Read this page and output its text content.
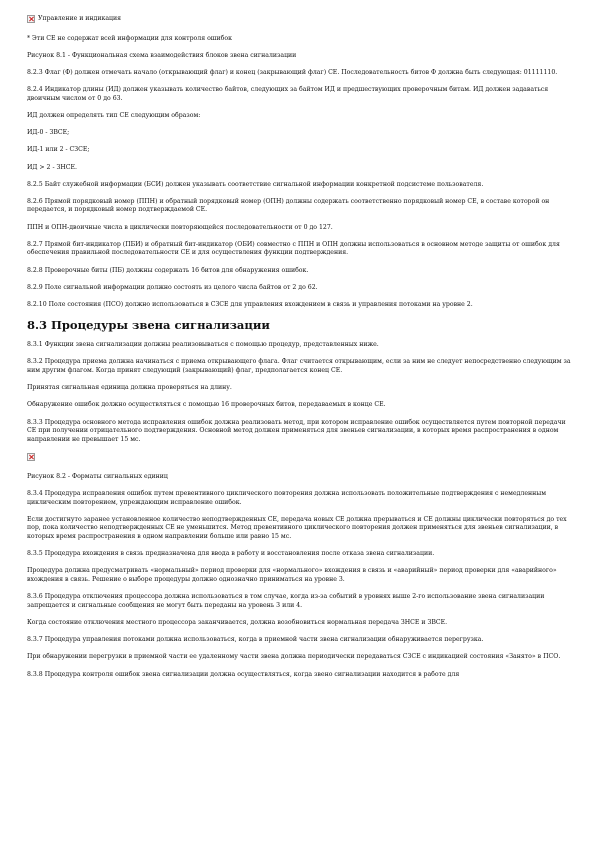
Управление и индикация

* Эти СЕ не содержат всей информации для контроля ошибок

Рисунок 8.1 - Функциональная схема взаимодействия блоков звена сигнализации

8.2.3 Флаг (Ф) должен отмечать начало (открывающий флаг) и конец (закрывающий флаг) СЕ. Последовательность битов Ф должна быть следующая: 01111110.

8.2.4 Индикатор длины (ИД) должен указывать количество байтов, следующих за байтом ИД и предшествующих проверочным битам. ИД должен задаваться двоичным числом от 0 до 63.

ИД должен определять тип СЕ следующим образом:

ИД-0 - ЗВСЕ;

ИД-1 или 2 - СЗСЕ;

ИД > 2 - ЗНСЕ.

8.2.5 Байт служебной информации (БСИ) должен указывать соответствие сигнальной информации конкретной подсистеме пользователя.

8.2.6 Прямой порядковый номер (ППН) и обратный порядковый номер (ОПН) должны содержать соответственно порядковый номер СЕ, в составе которой он передается, и порядковый номер подтверждаемой СЕ.

ППН и ОПН-двоичные числа в циклически повторяющейся последовательности от 0 до 127.

8.2.7 Прямой бит-индикатор (ПБИ) и обратный бит-индикатор (ОБИ) совместно с ППН и ОПН должны использоваться в основном методе защиты от ошибок для обеспечения правильной последовательности СЕ и для осуществления функции подтверждения.

8.2.8 Проверочные биты (ПБ) должны содержать 16 битов для обнаружения ошибок.

8.2.9 Поле сигнальной информации должно состоять из целого числа байтов от 2 до 62.

8.2.10 Поле состояния (ПСО) должно использоваться в СЗСЕ для управления вхождением в связь и управления потоками на уровне 2.

8.3 Процедуры звена сигнализации

8.3.1 Функции звена сигнализации должны реализовываться с помощью процедур, представленных ниже.

8.3.2 Процедура приема должна начинаться с приема открывающего флага. Флаг считается открывающим, если за ним не следует непосредственно следующим за ним другим флагом. Когда принят следующий (закрывающий) флаг, предполагается конец СЕ.

Принятая сигнальная единица должна проверяться на длину.

Обнаружение ошибок должно осуществляться с помощью 16 проверочных битов, передаваемых в конце СЕ.

8.3.3 Процедура основного метода исправления ошибок должна реализовать метод, при котором исправление ошибок осуществляется путем повторной передачи СЕ при получении отрицательного подтверждения. Основной метод должен применяться для звеньев сигнализации, в которых время распространения в одном направлении не превышает 15 мс.

Рисунок 8.2 - Форматы сигнальных единиц

8.3.4 Процедура исправления ошибок путем превентивного циклического повторения должна использовать положительные подтверждения с немедленным циклическим повторением, упреждающим исправление ошибок.

Если достигнуто заранее установленное количество неподтвержденных СЕ, передача новых СЕ должна прерываться и СЕ должны циклически повторяться до тех пор, пока количество неподтвержденных СЕ не уменьшится. Метод превентивного циклического повторения должен применяться для звеньев сигнализации, в которых время распространения в одном направлении больше или равно 15 мс.

8.3.5 Процедура вхождения в связь предназначена для ввода в работу и восстановления после отказа звена сигнализации.

Процедура должна предусматривать «нормальный» период проверки для «нормального» вхождения в связь и «аварийный» период проверки для «аварийного» вхождения в связь. Решение о выборе процедуры должно однозначно приниматься на уровне 3.

8.3.6 Процедура отключения процессора должна использоваться в том случае, когда из-за событий в уровнях выше 2-го использование звена сигнализации запрещается и сигнальные сообщения не могут быть переданы на уровень 3 или 4.

Когда состояние отключения местного процессора заканчивается, должна возобновиться нормальная передача ЗНСЕ и ЗВСЕ.

8.3.7 Процедура управления потоками должна использоваться, когда в приемной части звена сигнализации обнаруживается перегрузка.

При обнаружении перегрузки в приемной части ее удаленному части звена должна периодически передаваться СЗСЕ с индикацией состояния «Занято» в ПСО.

8.3.8 Процедура контроля ошибок звена сигнализации должна осуществляться, когда звено сигнализации находится в работе для
